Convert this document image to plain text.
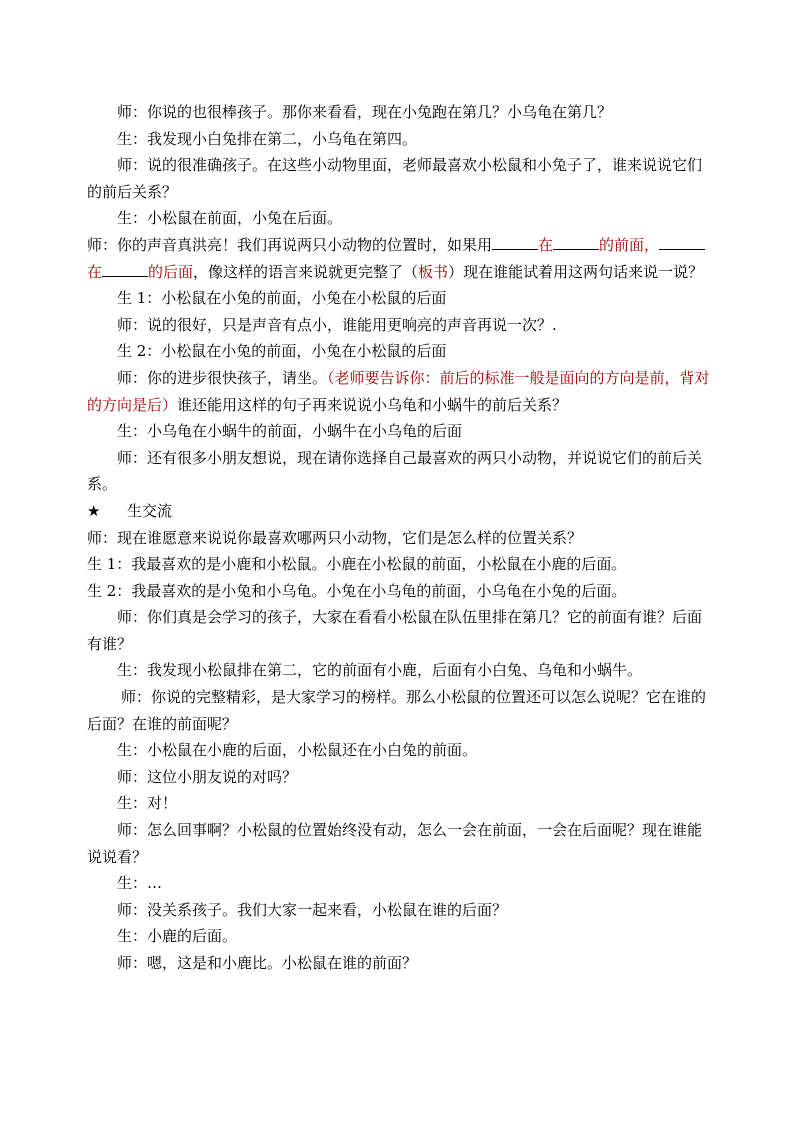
师：你说的也很棒孩子。那你来看看，现在小兔跑在第几？小乌龟在第几？

生：我发现小白兔排在第二，小乌龟在第四。

师：说的很准确孩子。在这些小动物里面，老师最喜欢小松鼠和小兔子了，谁来说说它们的前后关系？

生：小松鼠在前面，小兔在后面。

师：你的声音真洪亮！我们再说两只小动物的位置时，如果用	在	的前面，在	的后面，像这样的语言来说就更完整了（板书）现在谁能试着用这两句话来说一说？

生 1：小松鼠在小兔的前面，小兔在小松鼠的后面

师：说的很好，只是声音有点小，谁能用更响亮的声音再说一次？.

生 2：小松鼠在小兔的前面，小兔在小松鼠的后面

师：你的进步很快孩子，请坐。（老师要告诉你：前后的标准一般是面向的方向是前，背对的方向是后）谁还能用这样的句子再来说说小乌龟和小蜗牛的前后关系？

生：小乌龟在小蜗牛的前面，小蜗牛在小乌龟的后面

师：还有很多小朋友想说，现在请你选择自己最喜欢的两只小动物，并说说它们的前后关系。

★ 生交流

师：现在谁愿意来说说你最喜欢哪两只小动物，它们是怎么样的位置关系？

生 1：我最喜欢的是小鹿和小松鼠。小鹿在小松鼠的前面，小松鼠在小鹿的后面。

生 2：我最喜欢的是小兔和小乌龟。小兔在小乌龟的前面，小乌龟在小兔的后面。

师：你们真是会学习的孩子，大家在看看小松鼠在队伍里排在第几？它的前面有谁？后面有谁？

生：我发现小松鼠排在第二，它的前面有小鹿，后面有小白兔、乌龟和小蜗牛。

师：你说的完整精彩，是大家学习的榜样。那么小松鼠的位置还可以怎么说呢？它在谁的后面？在谁的前面呢？

生：小松鼠在小鹿的后面，小松鼠还在小白兔的前面。

师：这位小朋友说的对吗？

生：对！

师：怎么回事啊？小松鼠的位置始终没有动，怎么一会在前面，一会在后面呢？现在谁能说说看？

生：…

师：没关系孩子。我们大家一起来看，小松鼠在谁的后面？

生：小鹿的后面。

师：嗯，这是和小鹿比。小松鼠在谁的前面？
